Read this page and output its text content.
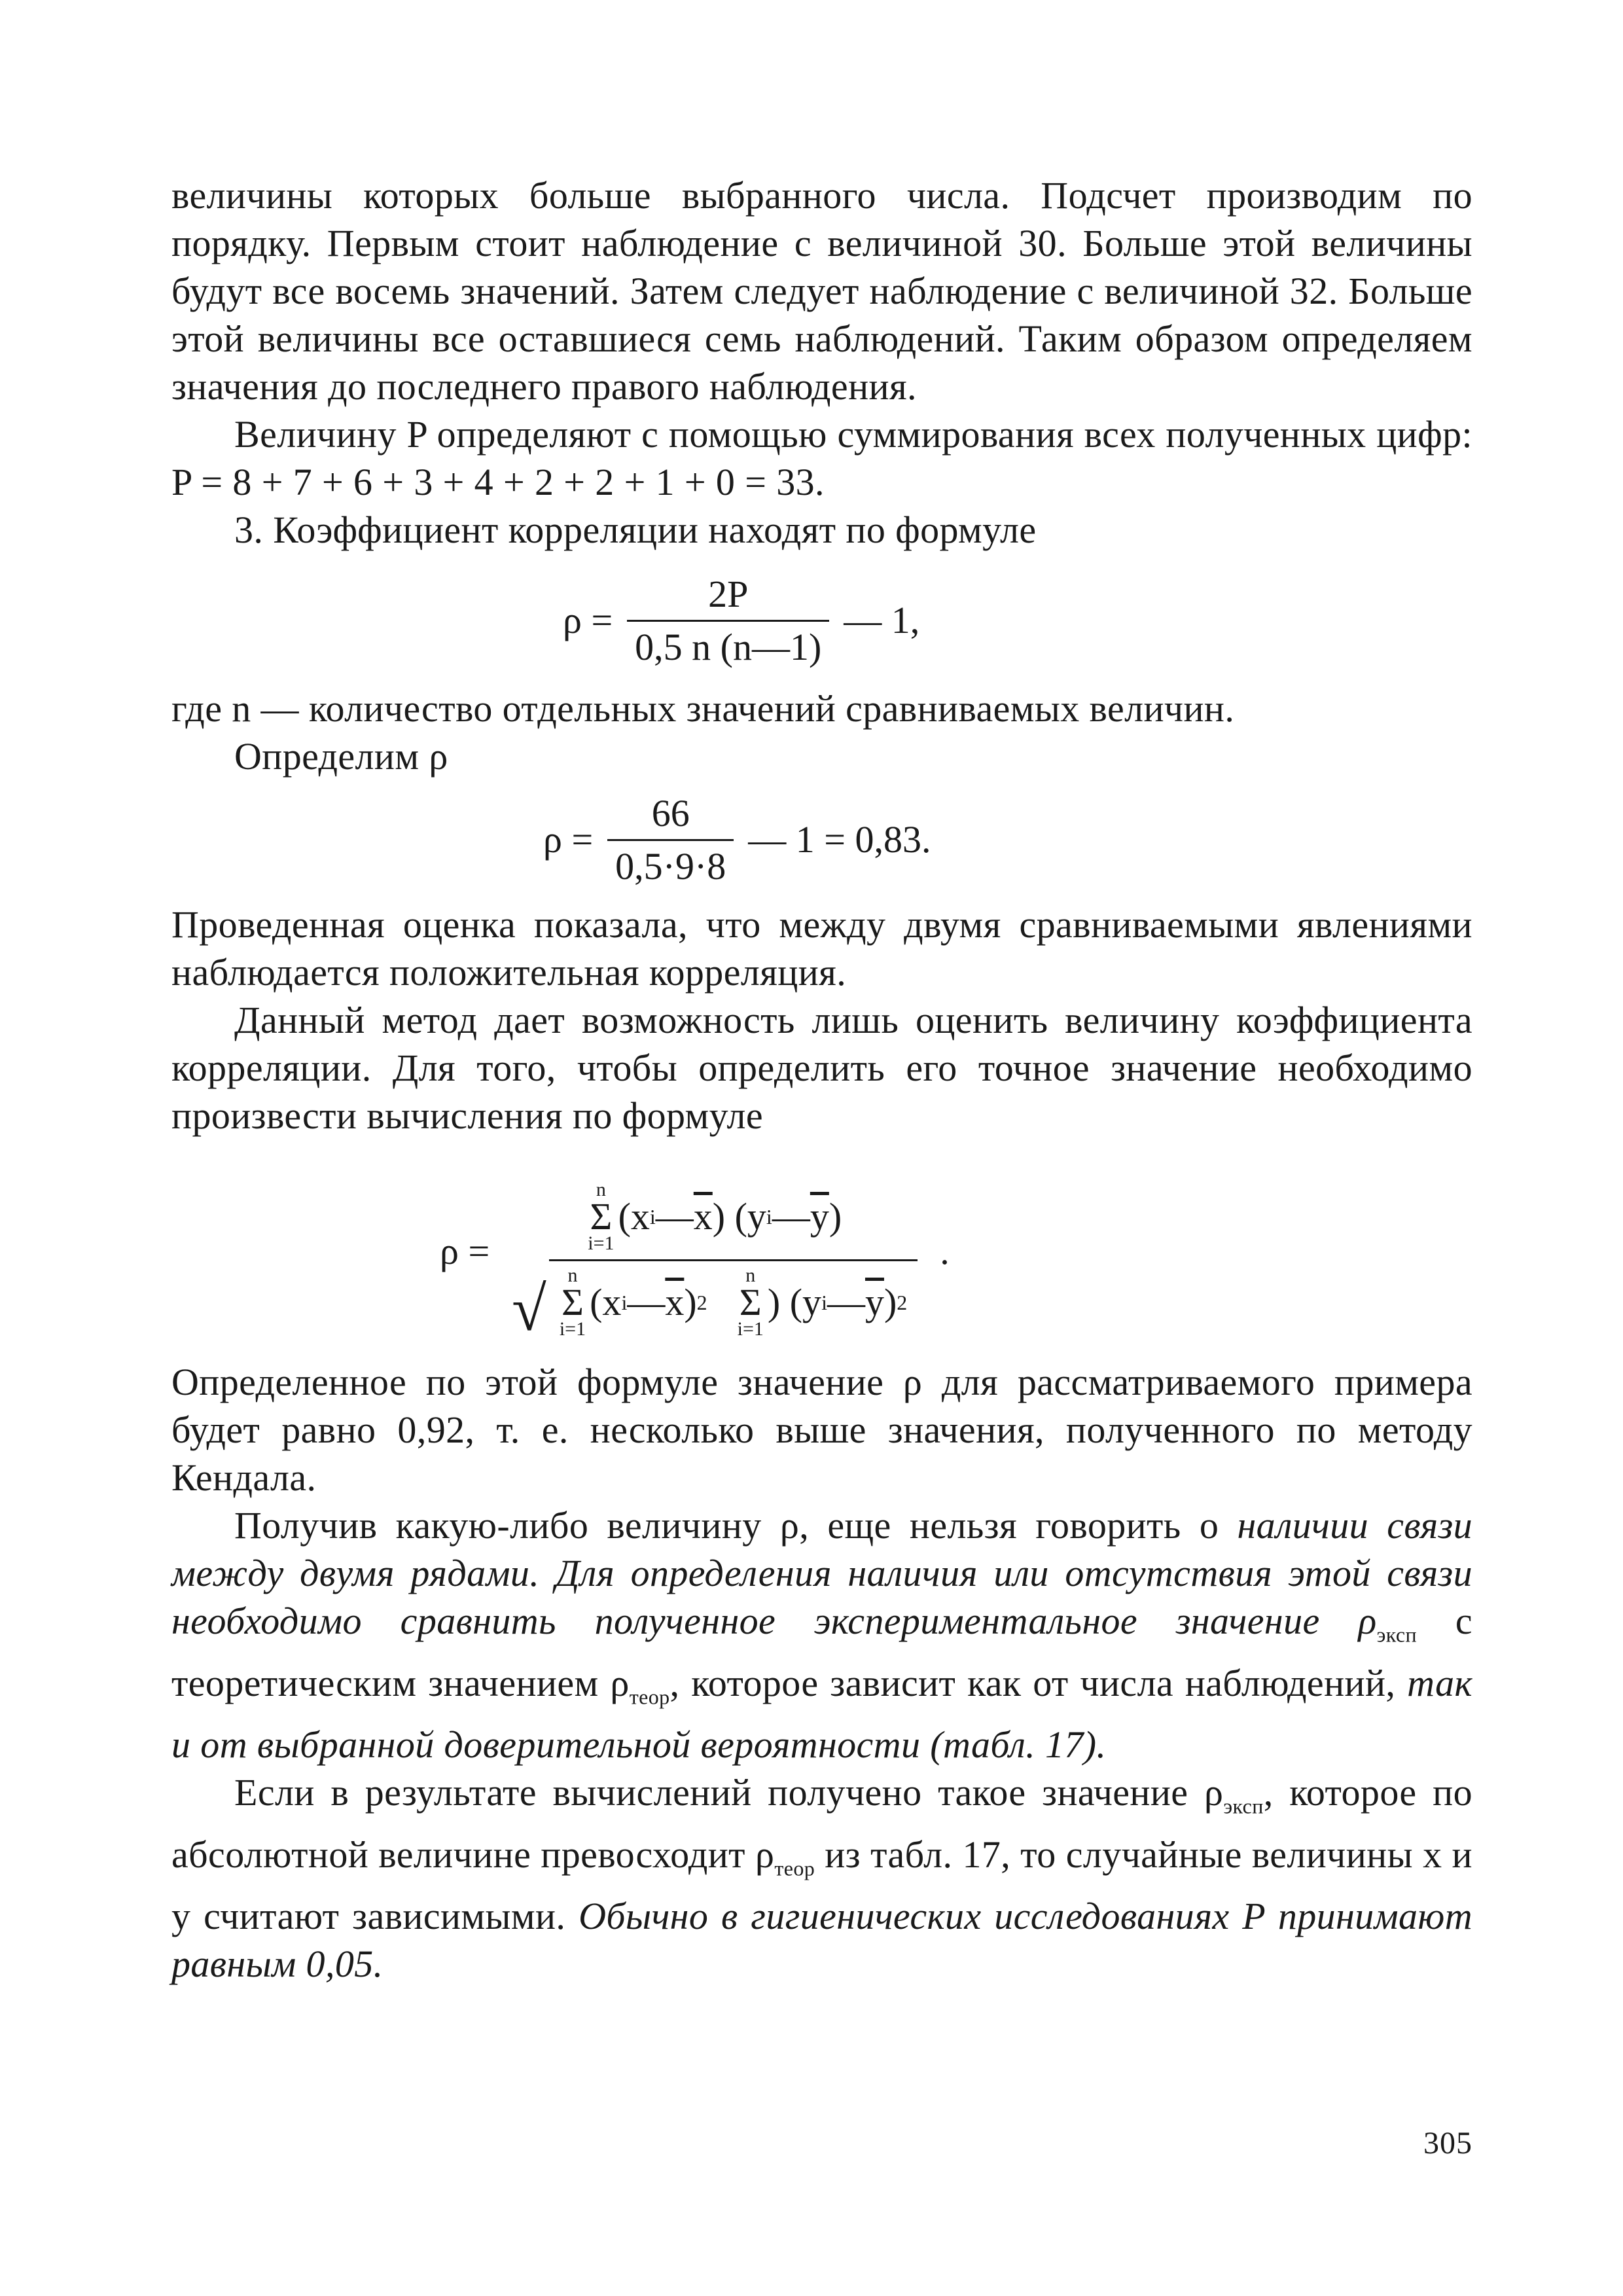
величины которых больше выбранного числа. Подсчет производим по порядку. Первым стоит наблюдение с величиной 30. Больше этой величины будут все восемь значений. Затем следует наблюдение с величиной 32. Больше этой величины все оставшиеся семь наблюдений. Таким образом определяем значения до последнего правого наблюдения.

Величину P определяют с помощью суммирования всех полученных цифр: P = 8 + 7 + 6 + 3 + 4 + 2 + 2 + 1 + 0 = 33.

3. Коэффициент корреляции находят по формуле

$\rho = \frac{2P}{0,5 n (n—1)}$ — 1,

где n — количество отдельных значений сравниваемых величин.

Определим ρ

$\rho = \frac{66}{0,5\cdot 9\cdot 8}$ — 1 = 0,83.

Проведенная оценка показала, что между двумя сравниваемыми явлениями наблюдается положительная корреляция.

Данный метод дает возможность лишь оценить величину коэффициента корреляции. Для того, чтобы определить его точное значение необходимо произвести вычисления по формуле

ρ =
n
Σ
i=1
(x i — $\overline{x}$ ) (y i — $\overline{y}$ )
√ n
Σ
i=1
(x i — $\overline{x}$ ) 2
n
Σ
i=1
) (y i — $\overline{y}$ ) 2
.

Определенное по этой формуле значение ρ для рассматриваемого примера будет равно 0,92, т. е. несколько выше значения, полученного по методу Кендала.

Получив какую-либо величину ρ, еще нельзя говорить о наличии связи между двумя рядами. Для определения наличия или отсутствия этой связи необходимо сравнить полученное экспериментальное значение $\rho_{эксп}$ с теоретическим значением $\rho_{теор}$, которое зависит как от числа наблюдений, так и от выбранной доверительной вероятности (табл. 17).

Если в результате вычислений получено такое значение $\rho_{эксп}$, которое по абсолютной величине превосходит $\rho_{теор}$ из табл. 17, то случайные величины x и y считают зависимыми. Обычно в гигиенических исследованиях P принимают равным 0,05.

305
